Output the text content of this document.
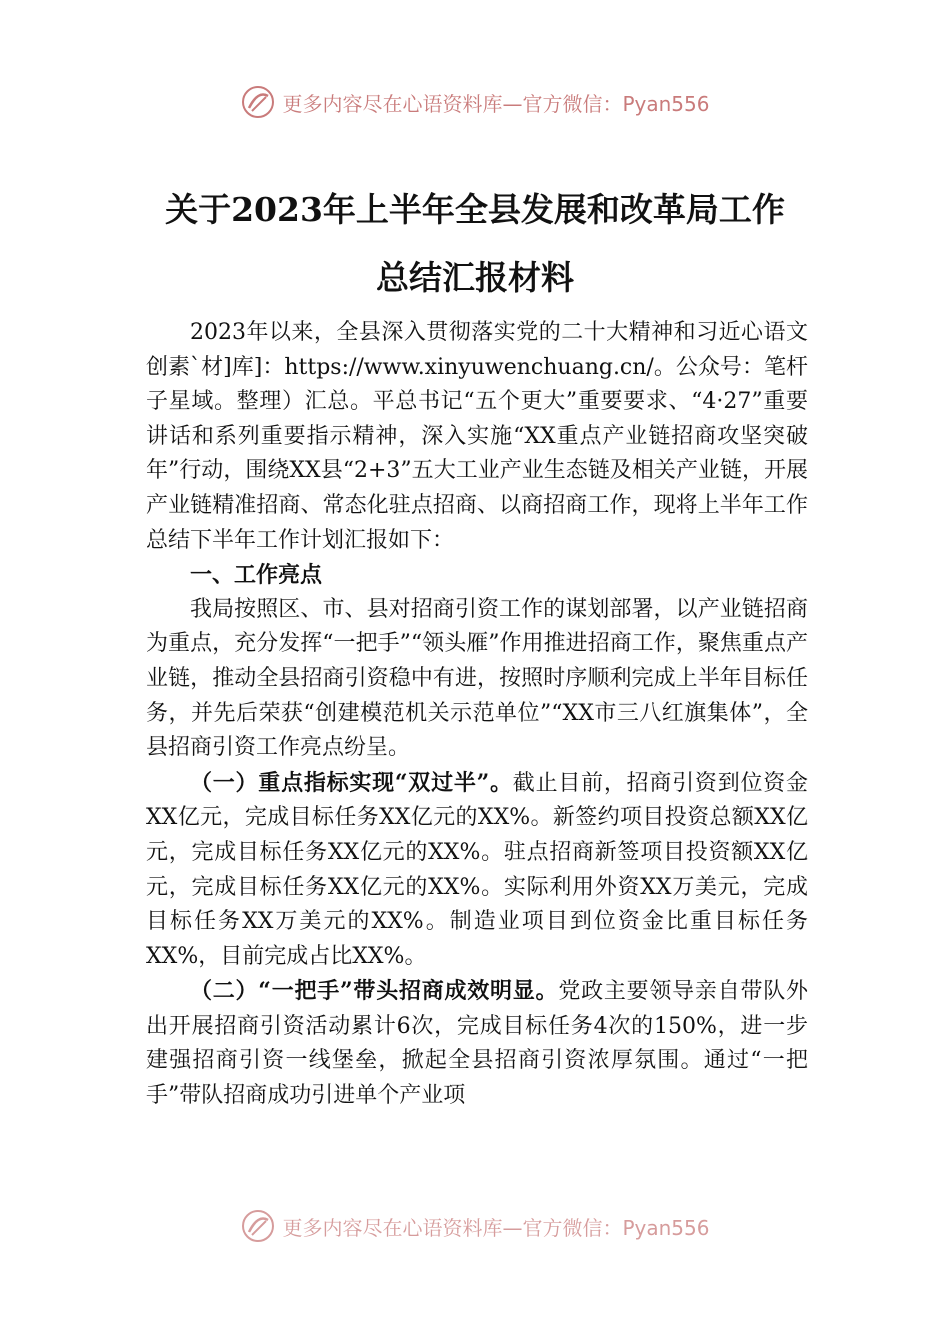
更多内容尽在心语资料库—官方微信：Pyan556
关于2023年上半年全县发展和改革局工作
总结汇报材料

2023年以来，全县深入贯彻落实党的二十大精神和习近心语文创素`材]库]：https://www.xinyuwenchuang.cn/。公众号：笔杆子星域。整理）汇总。平总书记“五个更大”重要要求、“4·27”重要讲话和系列重要指示精神，深入实施“XX重点产业链招商攻坚突破年”行动，围绕XX县“2+3”五大工业产业生态链及相关产业链，开展产业链精准招商、常态化驻点招商、以商招商工作，现将上半年工作总结下半年工作计划汇报如下：

一、工作亮点

我局按照区、市、县对招商引资工作的谋划部署，以产业链招商为重点，充分发挥“一把手”“领头雁”作用推进招商工作，聚焦重点产业链，推动全县招商引资稳中有进，按照时序顺利完成上半年目标任务，并先后荣获“创建模范机关示范单位”“XX市三八红旗集体”，全县招商引资工作亮点纷呈。

（一）重点指标实现“双过半”。截止目前，招商引资到位资金XX亿元，完成目标任务XX亿元的XX%。新签约项目投资总额XX亿元，完成目标任务XX亿元的XX%。驻点招商新签项目投资额XX亿元，完成目标任务XX亿元的XX%。实际利用外资XX万美元，完成目标任务XX万美元的XX%。制造业项目到位资金比重目标任务XX%，目前完成占比XX%。

（二）“一把手”带头招商成效明显。党政主要领导亲自带队外出开展招商引资活动累计6次，完成目标任务4次的150%，进一步建强招商引资一线堡垒，掀起全县招商引资浓厚氛围。通过“一把手”带队招商成功引进单个产业项

更多内容尽在心语资料库—官方微信：Pyan556
